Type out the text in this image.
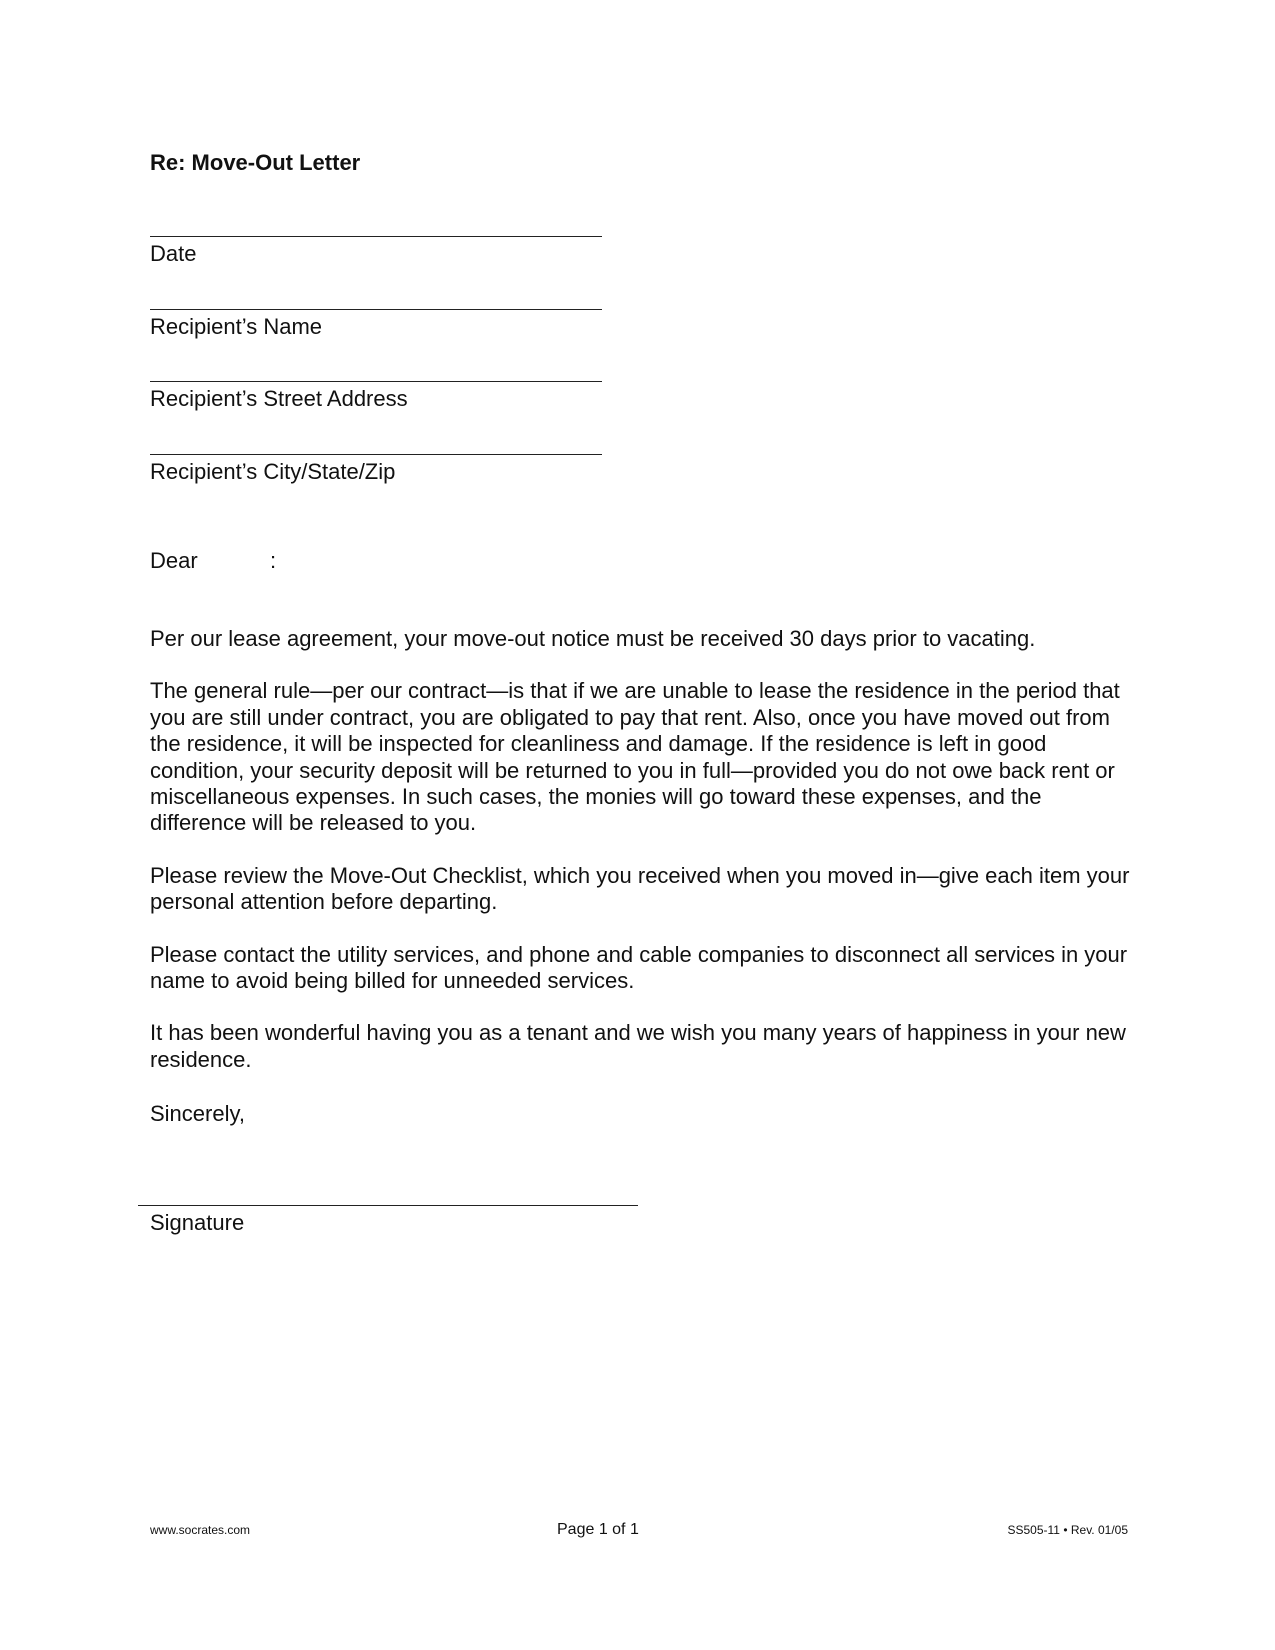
Re: Move-Out Letter
Date
Recipient’s Name
Recipient’s Street Address
Recipient’s City/State/Zip
Dear	:

Per our lease agreement, your move-out notice must be received 30 days prior to vacating.

The general rule—per our contract—is that if we are unable to lease the residence in the period that you are still under contract, you are obligated to pay that rent. Also, once you have moved out from the residence, it will be inspected for cleanliness and damage. If the residence is left in good condition, your security deposit will be returned to you in full—provided you do not owe back rent or miscellaneous expenses. In such cases, the monies will go toward these expenses, and the difference will be released to you.

Please review the Move-Out Checklist, which you received when you moved in—give each item your personal attention before departing.

Please contact the utility services, and phone and cable companies to disconnect all services in your name to avoid being billed for unneeded services.

It has been wonderful having you as a tenant and we wish you many years of happiness in your new residence.

Sincerely,
Signature
www.socrates.com	Page 1 of 1	SS505-11 • Rev. 01/05
